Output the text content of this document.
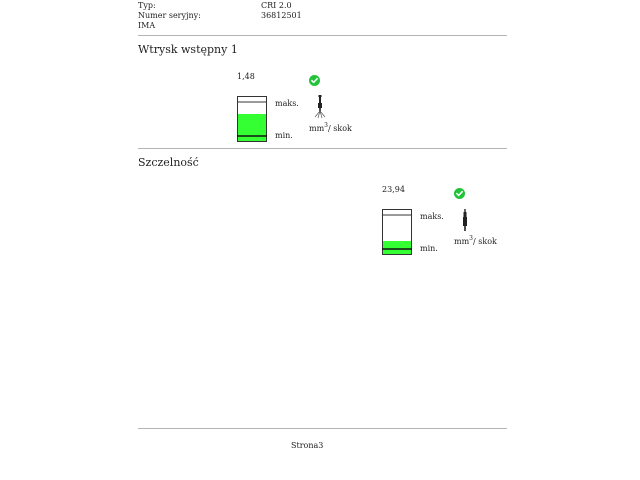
Typ:	CRI 2.0
Numer seryjny:	36812501
IMA
Wtrysk wstępny 1
1,48
maks.
min.
$mm^3/$ skok
Szczelność
23,94
maks.
min.
$mm^3/$ skok
Strona3
